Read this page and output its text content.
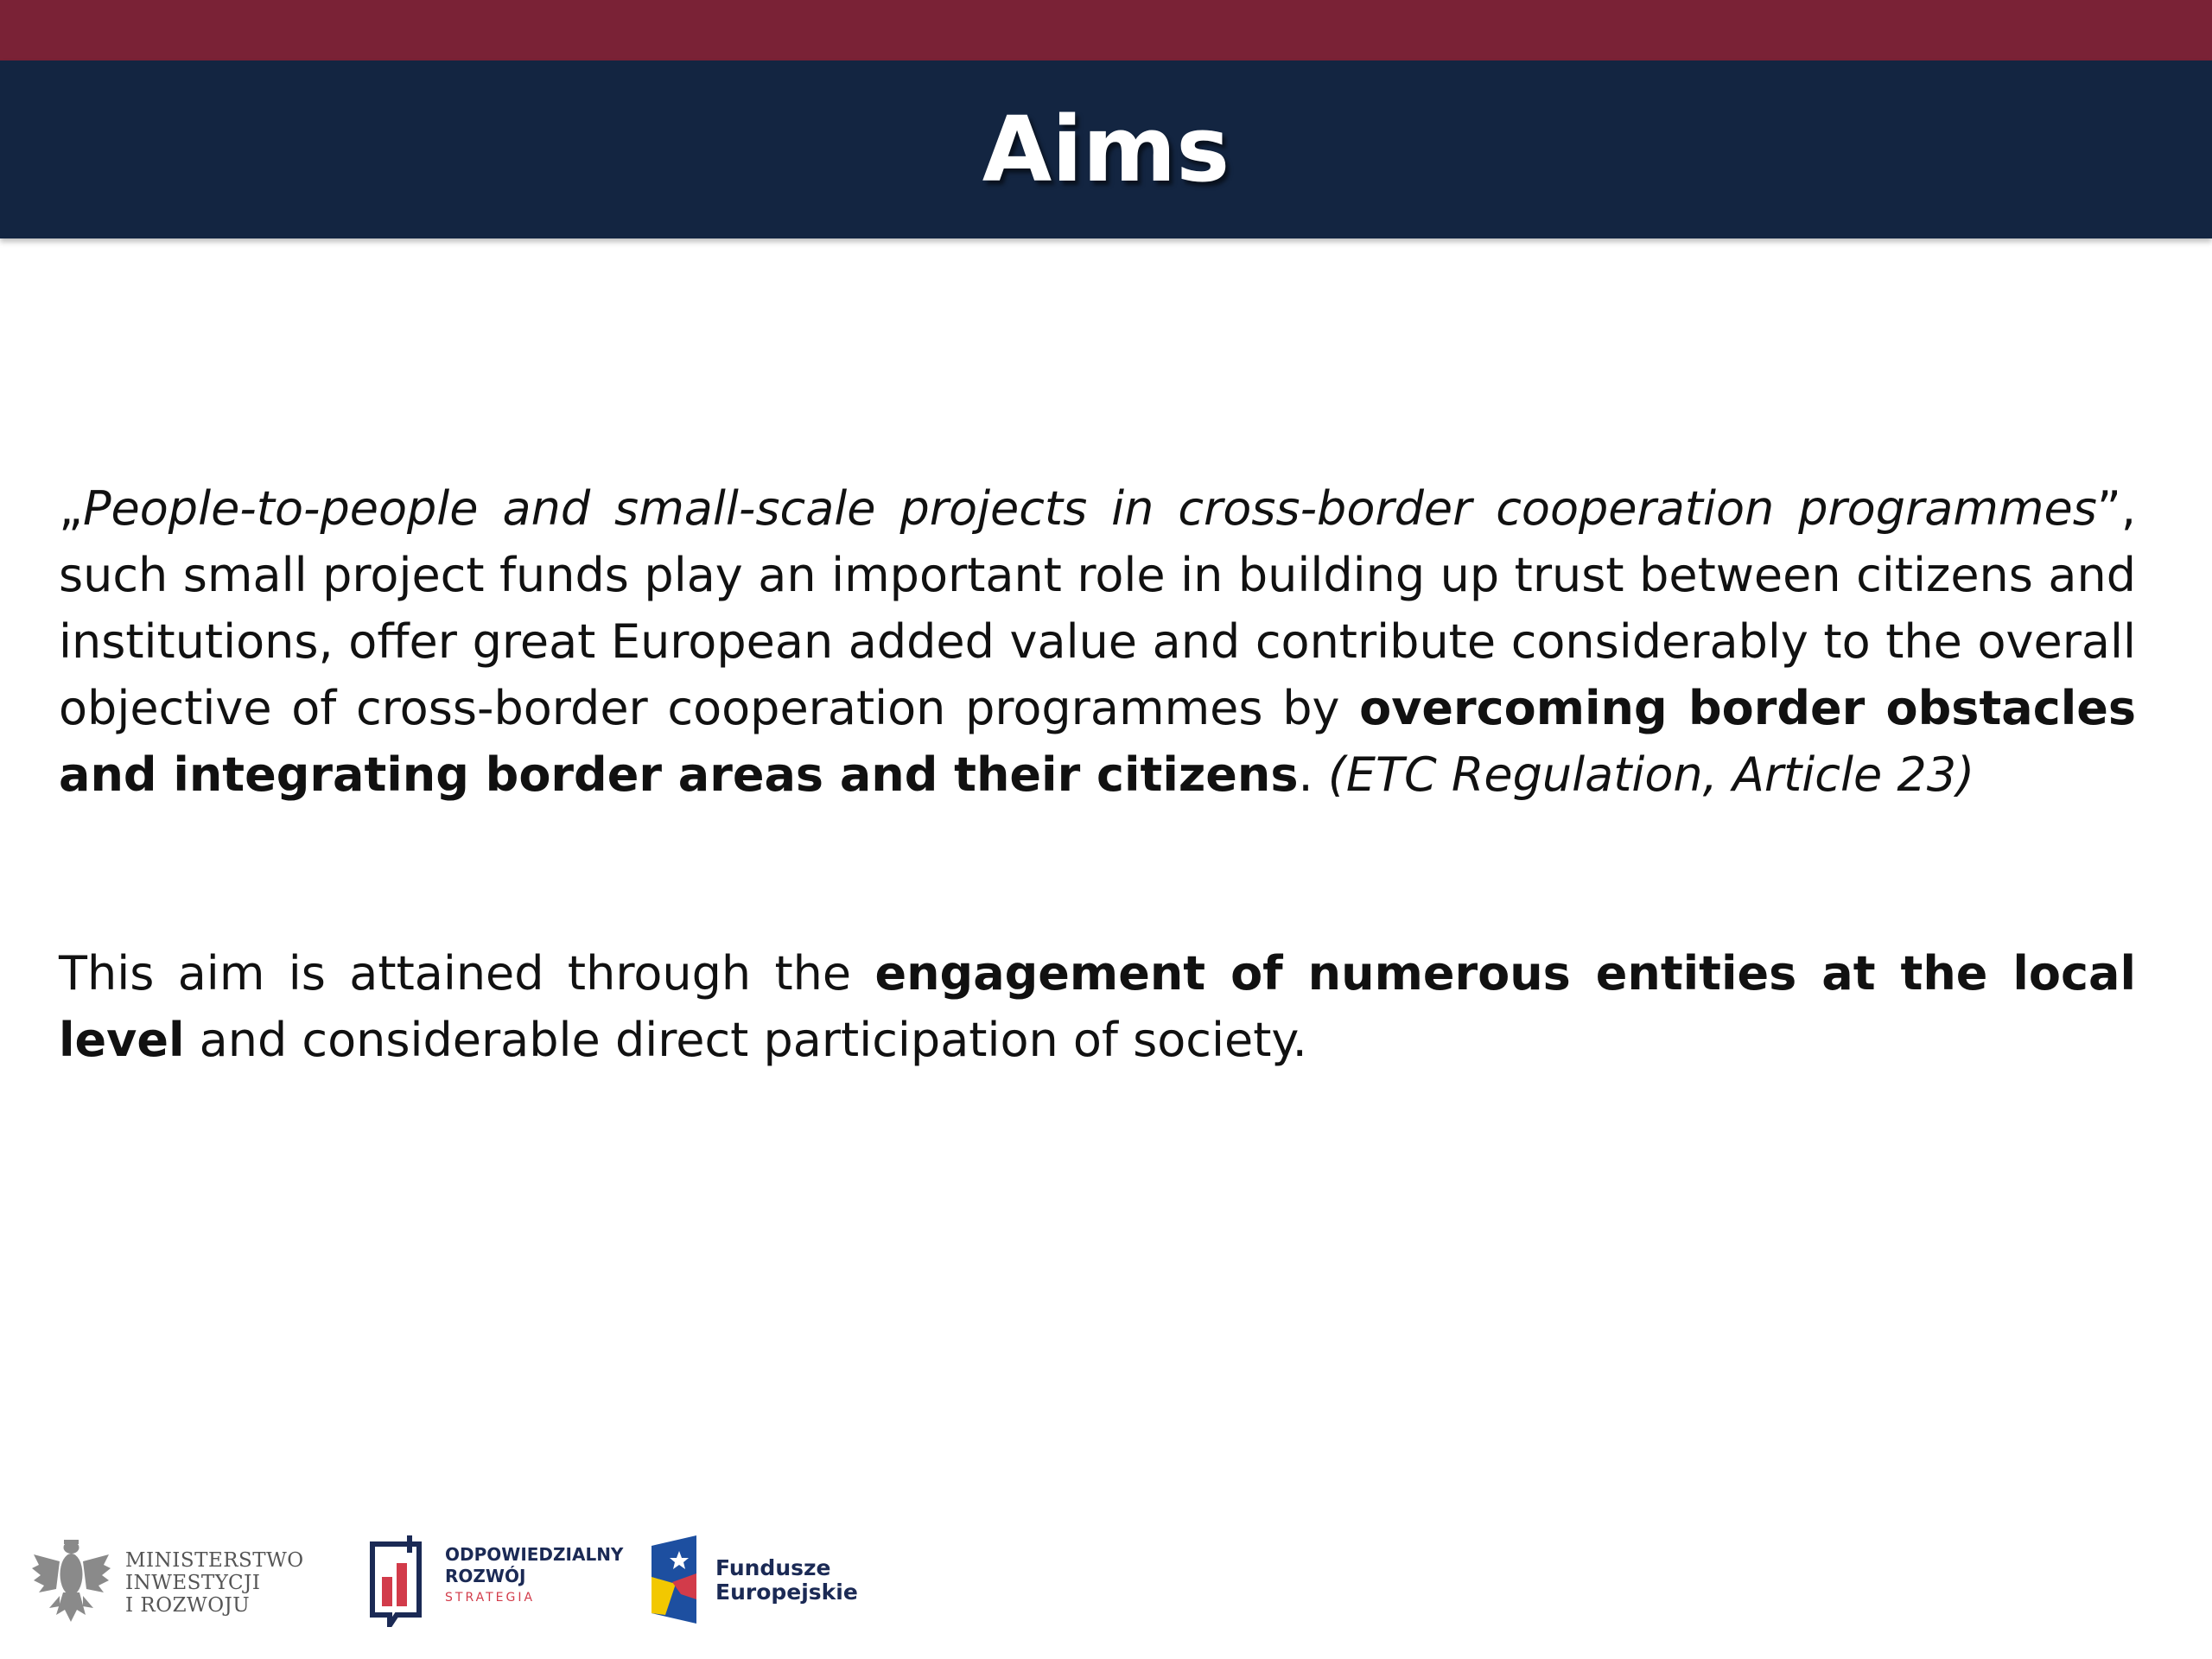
Aims

„People-to-people and small-scale projects in cross-border cooperation programmes”, such small project funds play an important role in building up trust between citizens and institutions, offer great European added value and contribute considerably to the overall objective of cross-border cooperation programmes by overcoming border obstacles and integrating border areas and their citizens. (ETC Regulation, Article 23)

This aim is attained through the engagement of numerous entities at the local level and considerable direct participation of society.

MINISTERSTWO
INWESTYCJI
I ROZWOJU
ODPOWIEDZIALNY
ROZWÓJ
STRATEGIA
Fundusze
Europejskie
